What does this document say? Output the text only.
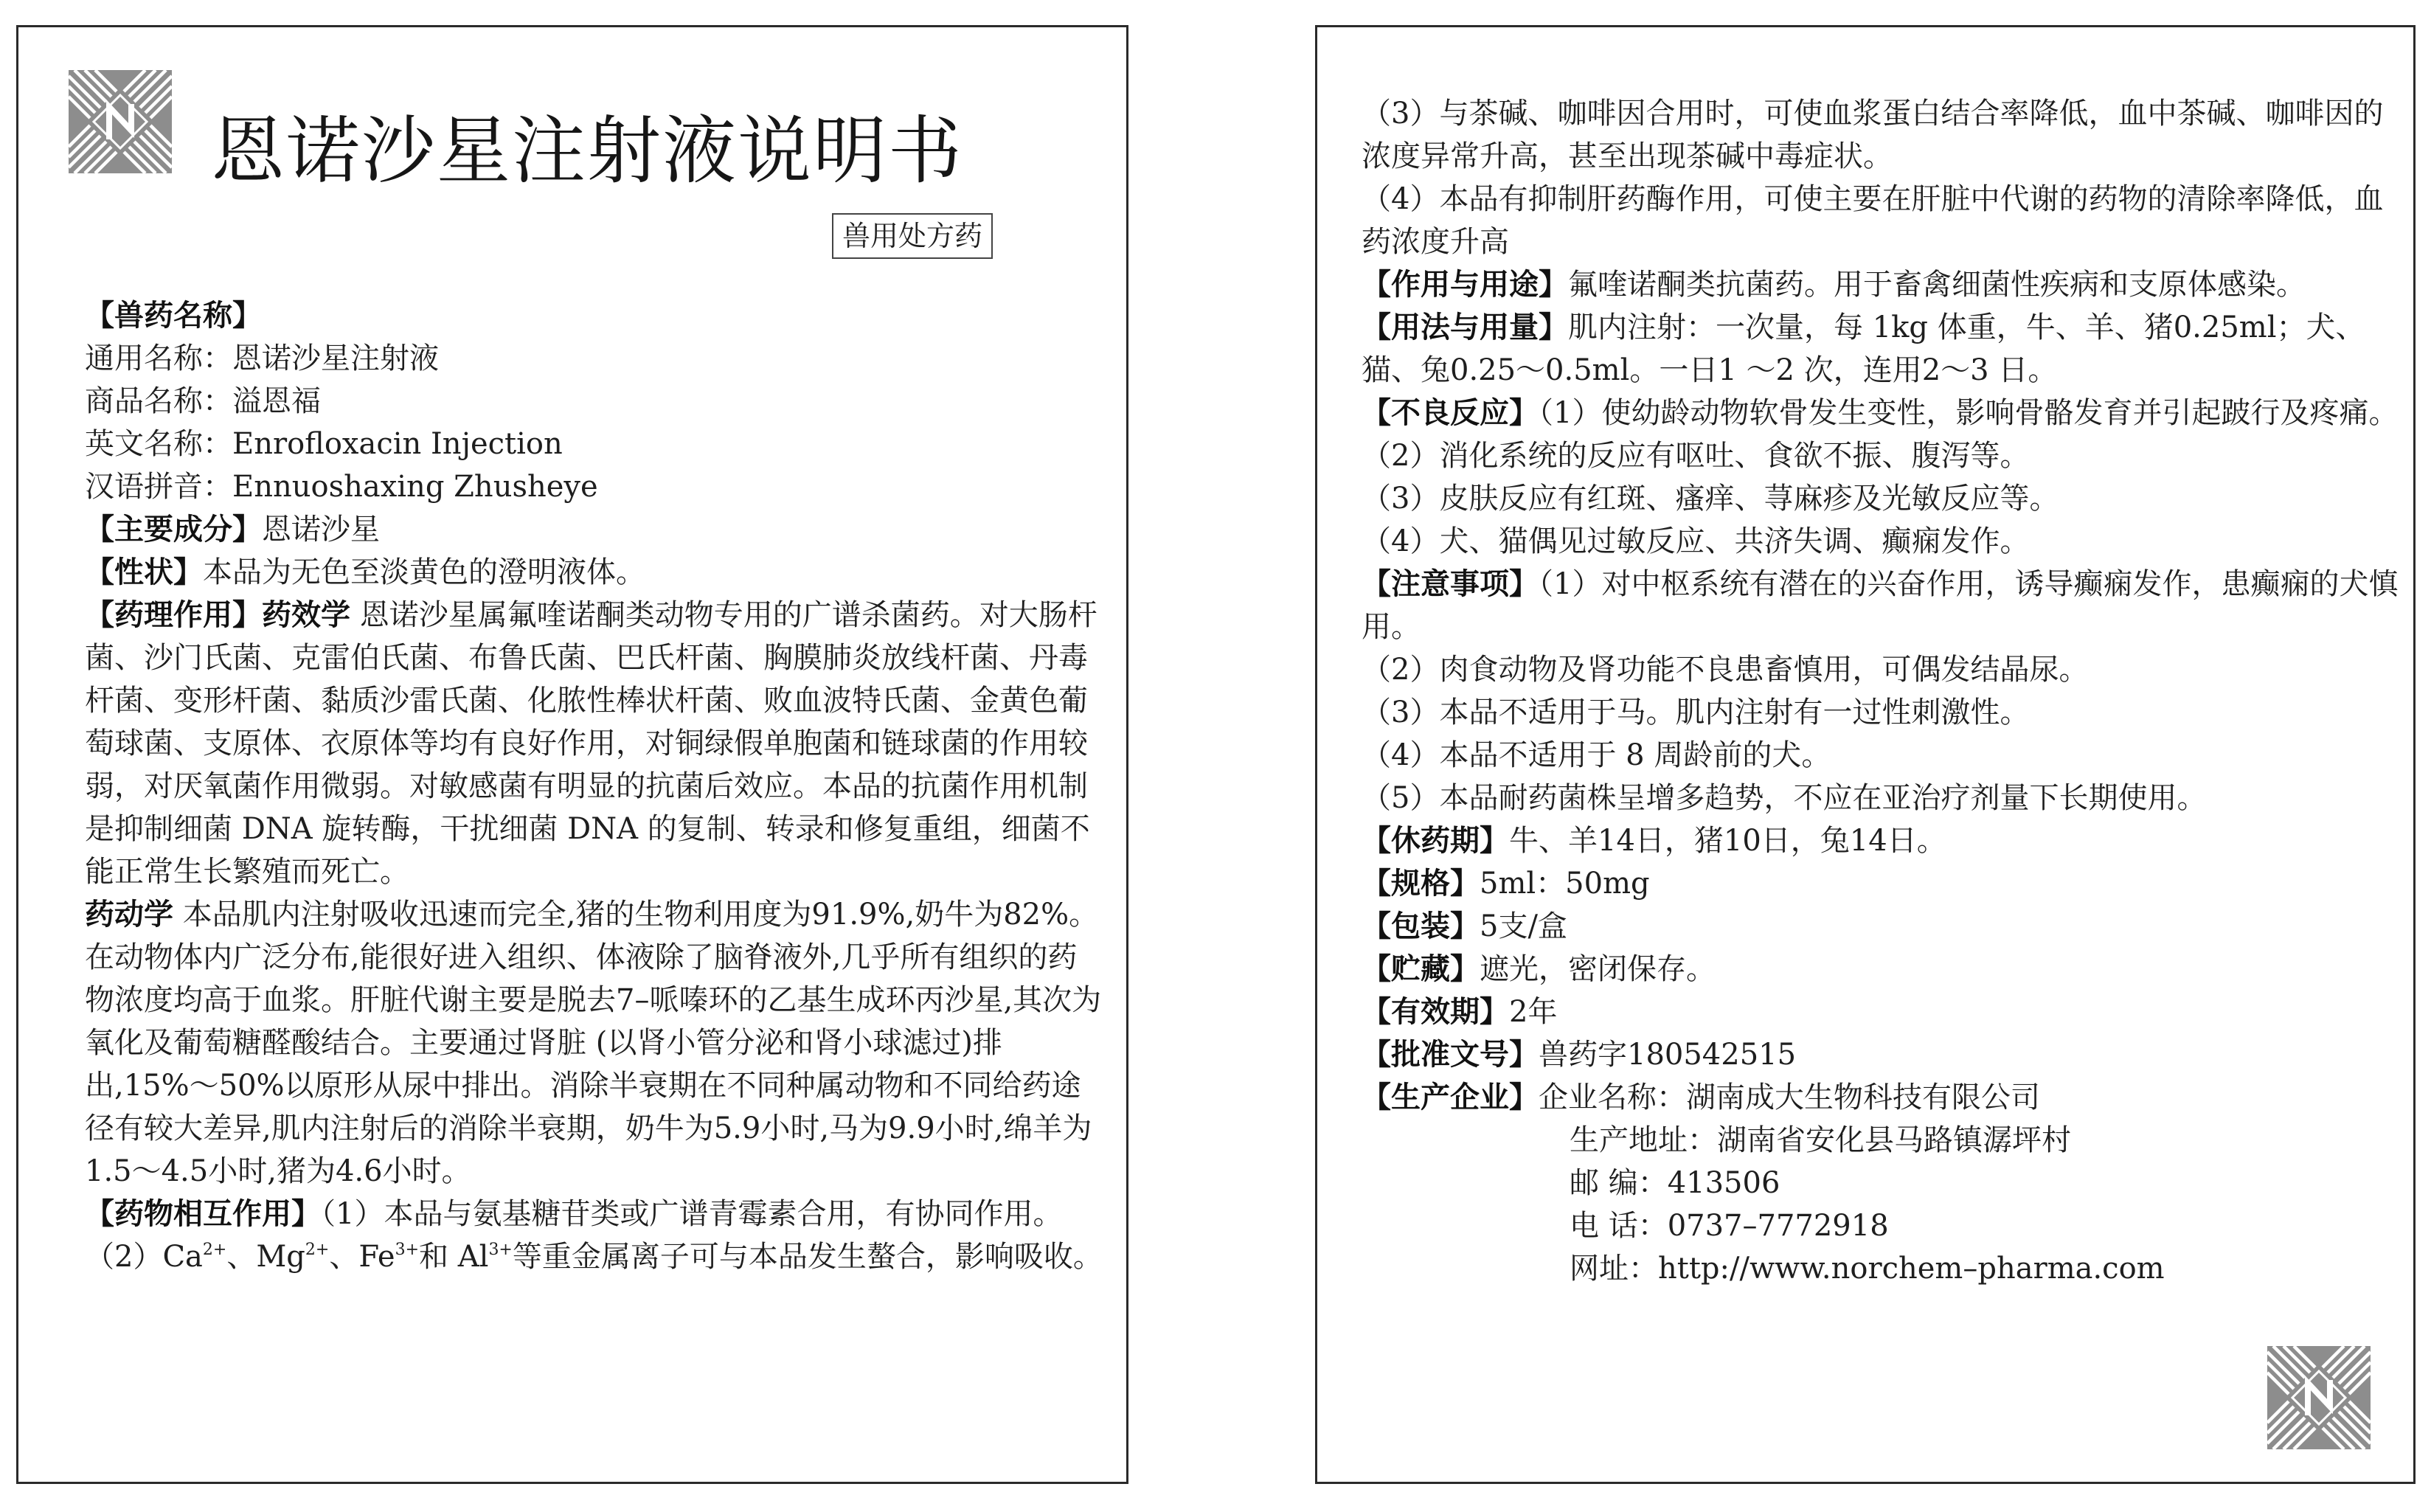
恩诺沙星注射液说明书
兽用处方药

【兽药名称】

通用名称：恩诺沙星注射液

商品名称：溢恩福

英文名称：Enrofloxacin Injection

汉语拼音：Ennuoshaxing Zhusheye

【主要成分】恩诺沙星

【性状】本品为无色至淡黄色的澄明液体。

【药理作用】药效学 恩诺沙星属氟喹诺酮类动物专用的广谱杀菌药。对大肠杆菌、沙门氏菌、克雷伯氏菌、布鲁氏菌、巴氏杆菌、胸膜肺炎放线杆菌、丹毒杆菌、变形杆菌、黏质沙雷氏菌、化脓性棒状杆菌、败血波特氏菌、金黄色葡萄球菌、支原体、衣原体等均有良好作用，对铜绿假单胞菌和链球菌的作用较弱，对厌氧菌作用微弱。对敏感菌有明显的抗菌后效应。本品的抗菌作用机制是抑制细菌 DNA 旋转酶，干扰细菌 DNA 的复制、转录和修复重组，细菌不能正常生长繁殖而死亡。

药动学 本品肌内注射吸收迅速而完全,猪的生物利用度为91.9%,奶牛为82%。在动物体内广泛分布,能很好进入组织、体液除了脑脊液外,几乎所有组织的药物浓度均高于血浆。肝脏代谢主要是脱去7–哌嗪环的乙基生成环丙沙星,其次为氧化及葡萄糖醛酸结合。主要通过肾脏 (以肾小管分泌和肾小球滤过)排出,15%～50%以原形从尿中排出。消除半衰期在不同种属动物和不同给药途径有较大差异,肌内注射后的消除半衰期，奶牛为5.9小时,马为9.9小时,绵羊为1.5～4.5小时,猪为4.6小时。

【药物相互作用】（1）本品与氨基糖苷类或广谱青霉素合用，有协同作用。

$(2)Ca^{2+}$、$Mg^{2+}$、$Fe^{3+}$和 $Al^{3+}$等重金属离子可与本品发生螯合，影响吸收。

（3）与茶碱、咖啡因合用时，可使血浆蛋白结合率降低，血中茶碱、咖啡因的浓度异常升高，甚至出现茶碱中毒症状。

（4）本品有抑制肝药酶作用，可使主要在肝脏中代谢的药物的清除率降低，血药浓度升高

【作用与用途】氟喹诺酮类抗菌药。用于畜禽细菌性疾病和支原体感染。

【用法与用量】肌内注射：一次量，每 1kg 体重，牛、羊、猪0.25ml；犬、猫、兔0.25～0.5ml。一日1 ～2 次，连用2～3 日。

【不良反应】（1）使幼龄动物软骨发生变性，影响骨骼发育并引起跛行及疼痛。

（2）消化系统的反应有呕吐、食欲不振、腹泻等。

（3）皮肤反应有红斑、瘙痒、荨麻疹及光敏反应等。

（4）犬、猫偶见过敏反应、共济失调、癫痫发作。

【注意事项】（1）对中枢系统有潜在的兴奋作用，诱导癫痫发作，患癫痫的犬慎用。

（2）肉食动物及肾功能不良患畜慎用，可偶发结晶尿。

（3）本品不适用于马。肌内注射有一过性刺激性。

（4）本品不适用于 8 周龄前的犬。

（5）本品耐药菌株呈增多趋势，不应在亚治疗剂量下长期使用。

【休药期】牛、羊14日，猪10日，兔14日。

【规格】5ml：50mg

【包装】5支/盒

【贮藏】遮光，密闭保存。

【有效期】2年

【批准文号】兽药字180542515

【生产企业】企业名称：湖南成大生物科技有限公司

生产地址：湖南省安化县马路镇潺坪村

邮 编：413506

电 话：0737–7772918

网址：http://www.norchem–pharma.com
